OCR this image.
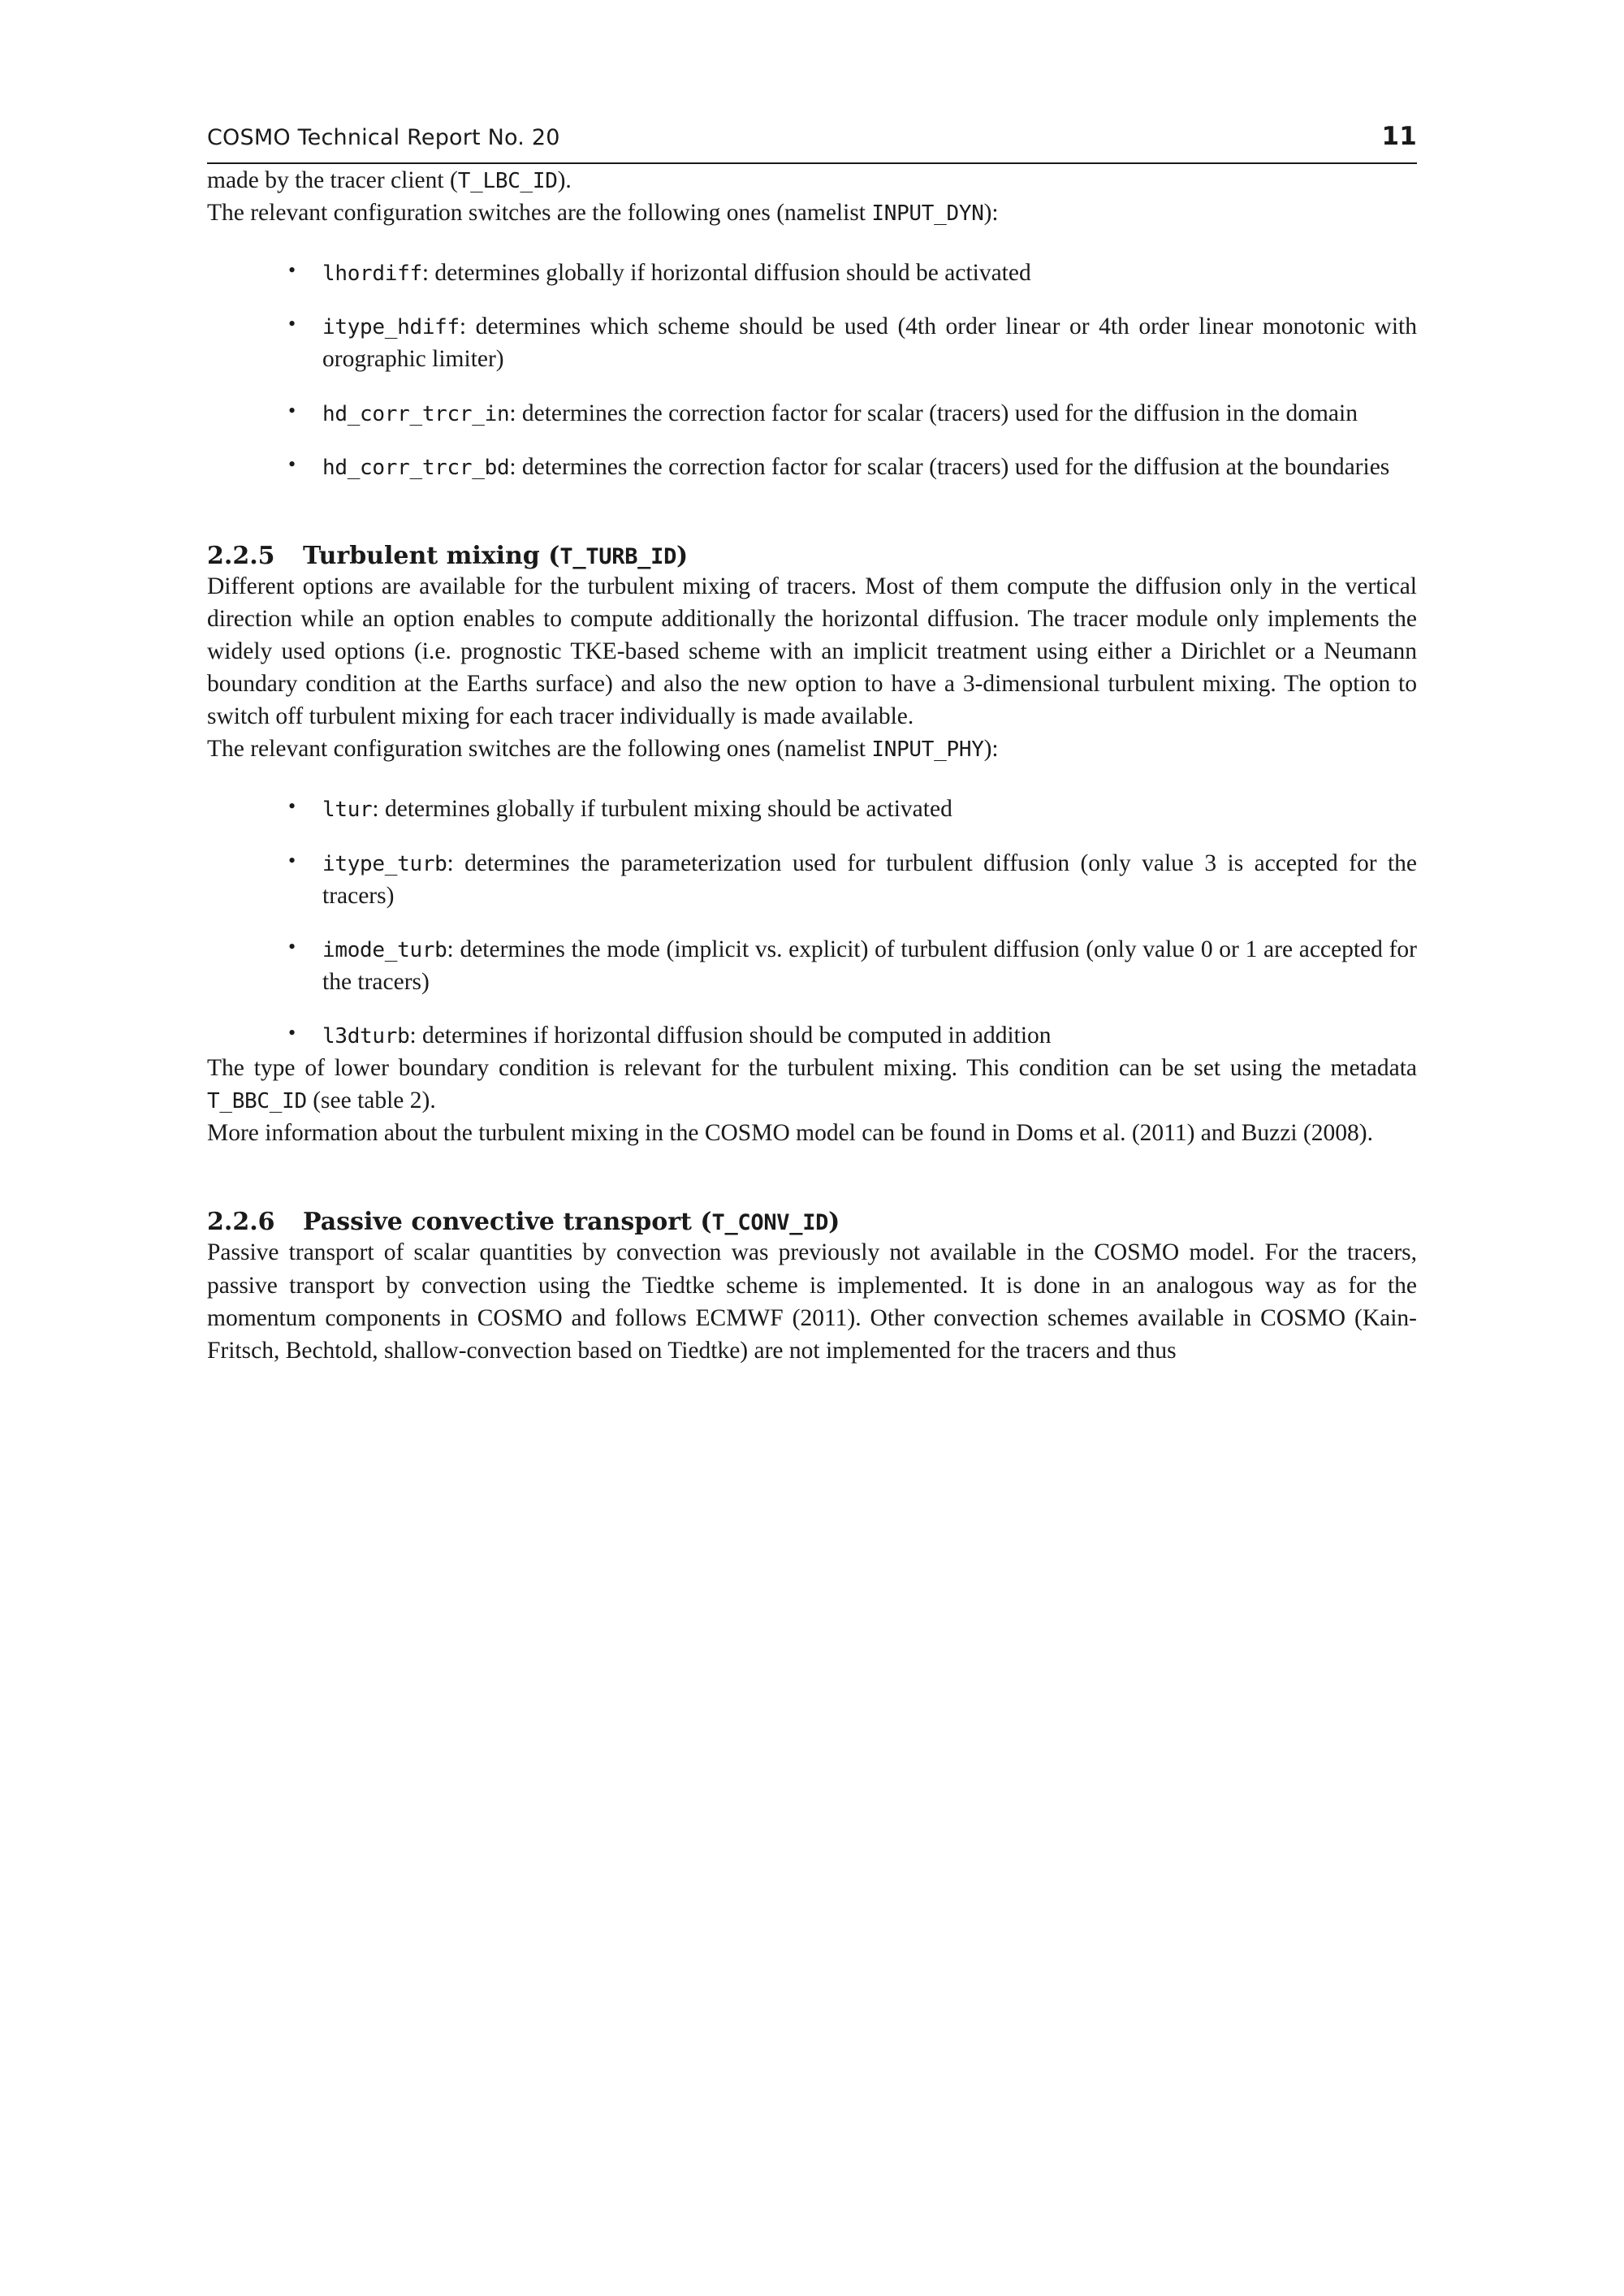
COSMO Technical Report No. 20	11

made by the tracer client (T_LBC_ID).

The relevant configuration switches are the following ones (namelist INPUT_DYN):

• lhordiff: determines globally if horizontal diffusion should be activated
• itype_hdiff: determines which scheme should be used (4th order linear or 4th order linear monotonic with orographic limiter)
• hd_corr_trcr_in: determines the correction factor for scalar (tracers) used for the diffusion in the domain
• hd_corr_trcr_bd: determines the correction factor for scalar (tracers) used for the diffusion at the boundaries
2.2.5	Turbulent mixing ( T_TURB_ID )

Different options are available for the turbulent mixing of tracers. Most of them compute the diffusion only in the vertical direction while an option enables to compute additionally the horizontal diffusion. The tracer module only implements the widely used options (i.e. prognostic TKE-based scheme with an implicit treatment using either a Dirichlet or a Neumann boundary condition at the Earths surface) and also the new option to have a 3-dimensional turbulent mixing. The option to switch off turbulent mixing for each tracer individually is made available.

The relevant configuration switches are the following ones (namelist INPUT_PHY):

• ltur: determines globally if turbulent mixing should be activated
• itype_turb: determines the parameterization used for turbulent diffusion (only value 3 is accepted for the tracers)
• imode_turb: determines the mode (implicit vs. explicit) of turbulent diffusion (only value 0 or 1 are accepted for the tracers)
• l3dturb: determines if horizontal diffusion should be computed in addition

The type of lower boundary condition is relevant for the turbulent mixing. This condition can be set using the metadata T_BBC_ID (see table 2).

More information about the turbulent mixing in the COSMO model can be found in Doms et al. (2011) and Buzzi (2008).

2.2.6	Passive convective transport ( T_CONV_ID )

Passive transport of scalar quantities by convection was previously not available in the COSMO model. For the tracers, passive transport by convection using the Tiedtke scheme is implemented. It is done in an analogous way as for the momentum components in COSMO and follows ECMWF (2011). Other convection schemes available in COSMO (Kain-Fritsch, Bechtold, shallow-convection based on Tiedtke) are not implemented for the tracers and thus
